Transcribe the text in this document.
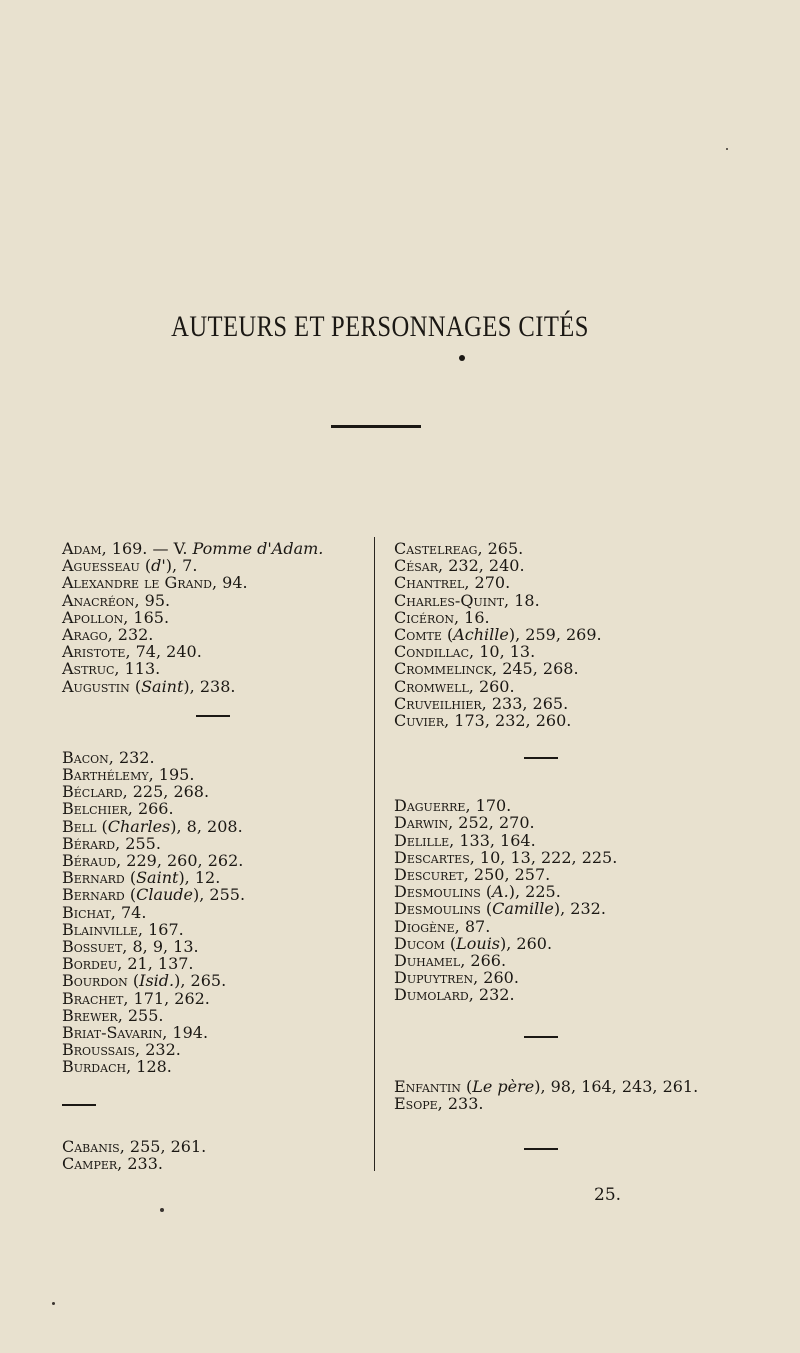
AUTEURS ET PERSONNAGES CITÉS
Adam, 169. — V. Pomme d'Adam.
Aguesseau (d'), 7.
Alexandre le Grand, 94.
Anacréon, 95.
Apollon, 165.
Arago, 232.
Aristote, 74, 240.
Astruc, 113.
Augustin (Saint), 238.
Bacon, 232.
Barthélemy, 195.
Béclard, 225, 268.
Belchier, 266.
Bell (Charles), 8, 208.
Bérard, 255.
Béraud, 229, 260, 262.
Bernard (Saint), 12.
Bernard (Claude), 255.
Bichat, 74.
Blainville, 167.
Bossuet, 8, 9, 13.
Bordeu, 21, 137.
Bourdon (Isid.), 265.
Brachet, 171, 262.
Brewer, 255.
Briat-Savarin, 194.
Broussais, 232.
Burdach, 128.
Cabanis, 255, 261.
Camper, 233.
Castelreag, 265.
César, 232, 240.
Chantrel, 270.
Charles-Quint, 18.
Cicéron, 16.
Comte (Achille), 259, 269.
Condillac, 10, 13.
Crommelinck, 245, 268.
Cromwell, 260.
Cruveilhier, 233, 265.
Cuvier, 173, 232, 260.
Daguerre, 170.
Darwin, 252, 270.
Delille, 133, 164.
Descartes, 10, 13, 222, 225.
Descuret, 250, 257.
Desmoulins (A.), 225.
Desmoulins (Camille), 232.
Diogène, 87.
Ducom (Louis), 260.
Duhamel, 266.
Dupuytren, 260.
Dumolard, 232.
Enfantin (Le père), 98, 164, 243, 261.
Esope, 233.
25.
